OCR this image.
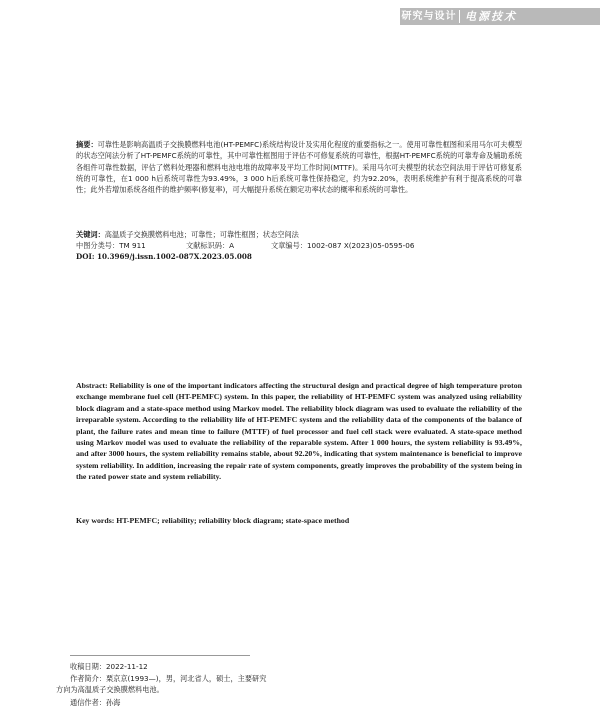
研究与设计 电源技术

摘要：可靠性是影响高温质子交换膜燃料电池(HT-PEMFC)系统结构设计及实用化程度的重要指标之一。使用可靠性框图和采用马尔可夫模型的状态空间法分析了HT-PEMFC系统的可靠性，其中可靠性框图用于评估不可修复系统的可靠性，根据HT-PEMFC系统的可靠寿命及辅助系统各组件可靠性数据，评估了燃料处理器和燃料电池电堆的故障率及平均工作时间(MTTF)。采用马尔可夫模型的状态空间法用于评估可修复系统的可靠性，在1 000 h后系统可靠性为93.49%，3 000 h后系统可靠性保持稳定，约为92.20%，表明系统维护有利于提高系统的可靠性；此外若增加系统各组件的维护频率(修复率)，可大幅提升系统在额定功率状态的概率和系统的可靠性。

关键词：高温质子交换膜燃料电池；可靠性；可靠性框图；状态空间法

中图分类号：TM 911	文献标识码：A	文章编号：1002-087 X(2023)05-0595-06
DOI: 10.3969/j.issn.1002-087X.2023.05.008

Abstract: Reliability is one of the important indicators affecting the structural design and practical degree of high temperature proton exchange membrane fuel cell (HT-PEMFC) system. In this paper, the reliability of HT-PEMFC system was analyzed using reliability block diagram and a state-space method using Markov model. The reliability block diagram was used to evaluate the reliability of the irreparable system. According to the reliability life of HT-PEMFC system and the reliability data of the components of the balance of plant, the failure rates and mean time to failure (MTTF) of fuel processor and fuel cell stack were evaluated. A state-space method using Markov model was used to evaluate the reliability of the reparable system. After 1 000 hours, the system reliability is 93.49%, and after 3000 hours, the system reliability remains stable, about 92.20%, indicating that system maintenance is beneficial to improve system reliability. In addition, increasing the repair rate of system components, greatly improves the probability of the system being in the rated power state and system reliability.

Key words: HT-PEMFC; reliability; reliability block diagram; state-space method

收稿日期：2022-11-12

作者简介：栗京京(1993—)，男，河北省人，硕士，主要研究
方向为高温质子交换膜燃料电池。

通信作者：孙海
